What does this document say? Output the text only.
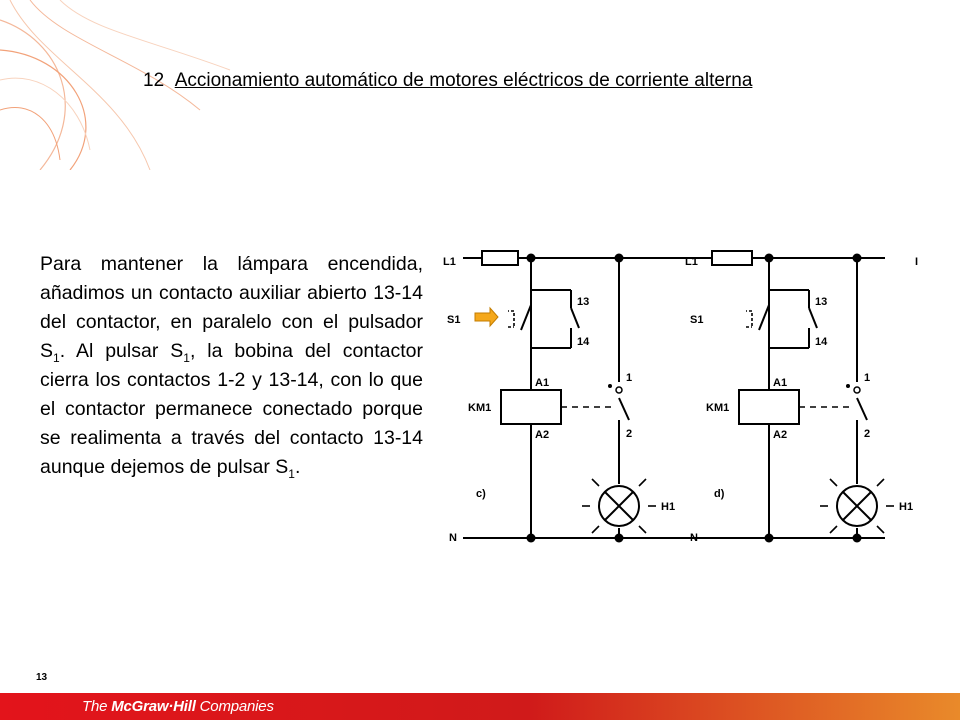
12 Accionamiento automático de motores eléctricos de corriente alterna
Para mantener la lámpara encendida, añadimos un contacto auxiliar abierto 13-14 del contactor, en paralelo con el pulsador $S_1$. Al pulsar $S_1$, la bobina del contactor cierra los contactos 1-2 y 13-14, con lo que el contactor permanece conectado porque se realimenta a través del contacto 13-14 aunque dejemos de pulsar $S_1$.
L1
S1
13
14
A1
KM1
A2
1
2
H1
c)
N
L1
S1
13
14
A1
KM1
A2
1
2
H1
d)
N
I
13
The McGraw·Hill Companies
